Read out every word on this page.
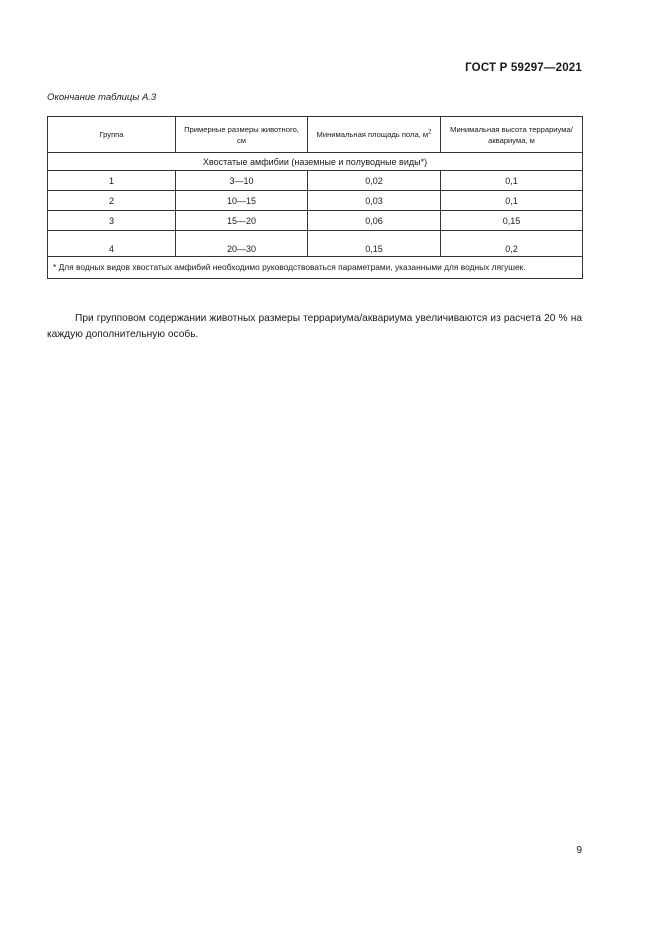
ГОСТ Р 59297—2021
Окончание таблицы А.3
Группа	Примерные размеры животного, см	Минимальная площадь пола, $м^2$	Минимальная высота террариума/аквариума, м
Хвостатые амфибии (наземные и полуводные виды*)			
1	3—10	0,02	0,1
2	10—15	0,03	0,1
3	15—20	0,06	0,15
4	20—30	0,15	0,2
* Для водных видов хвостатых амфибий необходимо руководствоваться параметрами, указанными для водных лягушек.			

При групповом содержании животных размеры террариума/аквариума увеличиваются из расчета 20 % на каждую дополнительную особь.

9
